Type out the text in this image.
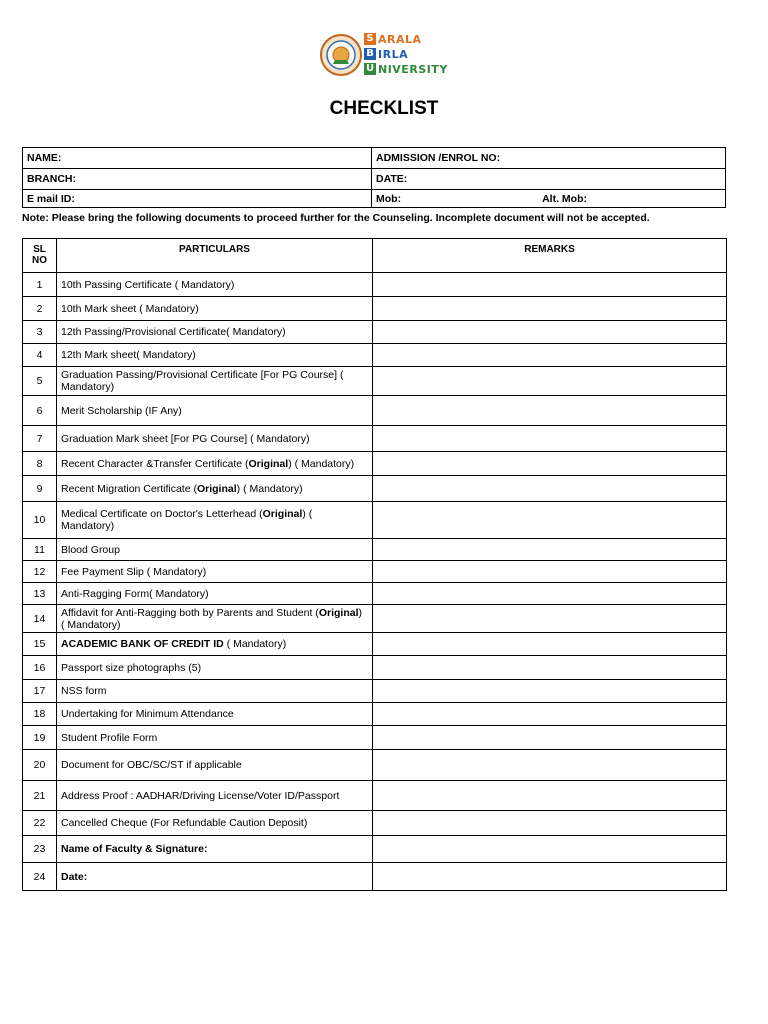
S ARALA
B IRLA
U NIVERSITY
CHECKLIST
NAME:	ADMISSION /ENROL NO:
BRANCH:	DATE:
E mail ID:	Mob: Alt. Mob:
Note: Please bring the following documents to proceed further for the Counseling. Incomplete document will not be accepted.
SL NO	PARTICULARS	REMARKS
1	10th Passing Certificate ( Mandatory)	
2	10th Mark sheet ( Mandatory)	
3	12th Passing/Provisional Certificate( Mandatory)	
4	12th Mark sheet( Mandatory)	
5	Graduation Passing/Provisional Certificate [For PG Course] ( Mandatory)	
6	Merit Scholarship (IF Any)	
7	Graduation Mark sheet [For PG Course] ( Mandatory)	
8	Recent Character &Transfer Certificate (Original) ( Mandatory)	
9	Recent Migration Certificate (Original) ( Mandatory)	
10	Medical Certificate on Doctor's Letterhead (Original) ( Mandatory)	
11	Blood Group	
12	Fee Payment Slip ( Mandatory)	
13	Anti-Ragging Form( Mandatory)	
14	Affidavit for Anti-Ragging both by Parents and Student (Original) ( Mandatory)	
15	ACADEMIC BANK OF CREDIT ID ( Mandatory)	
16	Passport size photographs (5)	
17	NSS form	
18	Undertaking for Minimum Attendance	
19	Student Profile Form	
20	Document for OBC/SC/ST if applicable	
21	Address Proof : AADHAR/Driving License/Voter ID/Passport	
22	Cancelled Cheque (For Refundable Caution Deposit)	
23	Name of Faculty & Signature:	
24	Date:	
